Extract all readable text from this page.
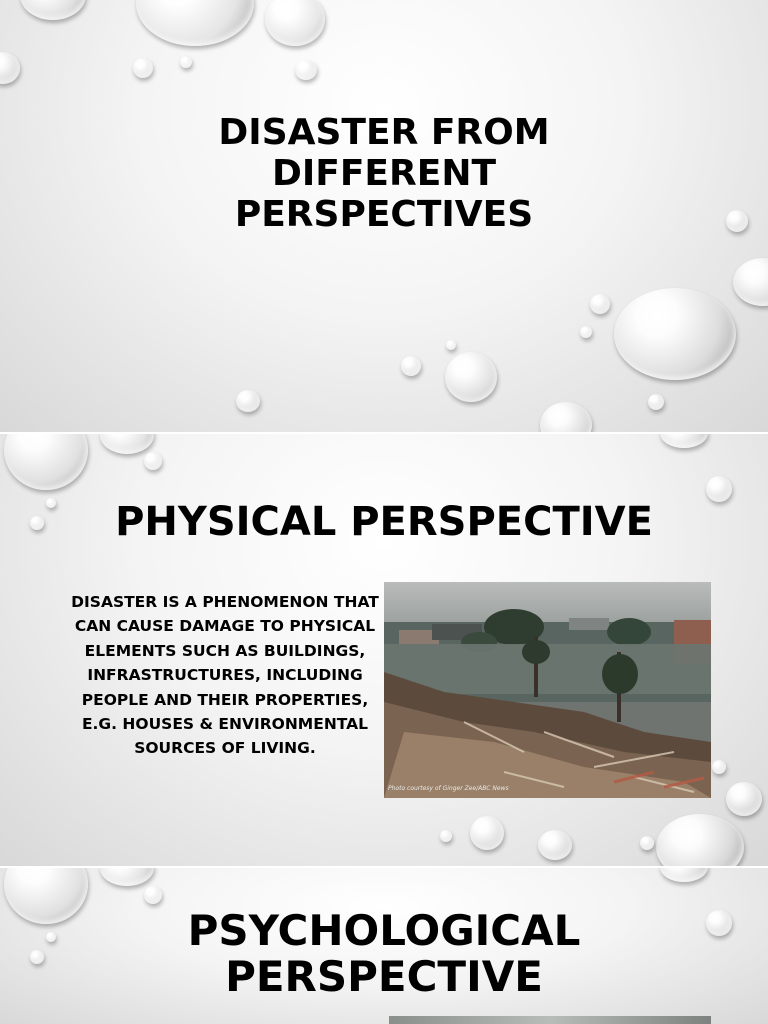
DISASTER FROM
DIFFERENT
PERSPECTIVES
PHYSICAL PERSPECTIVE

DISASTER IS A PHENOMENON THAT CAN CAUSE DAMAGE TO PHYSICAL ELEMENTS SUCH AS BUILDINGS, INFRASTRUCTURES, INCLUDING PEOPLE AND THEIR PROPERTIES, E.G. HOUSES & ENVIRONMENTAL SOURCES OF LIVING.

Photo courtesy of Ginger Zee/ABC News
PSYCHOLOGICAL
PERSPECTIVE
